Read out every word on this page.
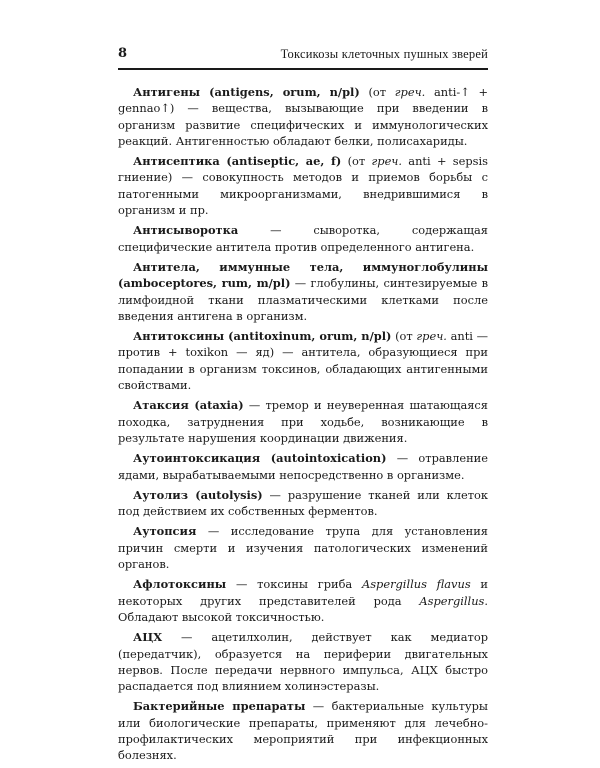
8	Токсикозы клеточных пушных зверей

Антигены (antigens, orum, n/pl) (от греч. anti-↑ + gennao↑) — вещества, вызывающие при введении в организм развитие специфических и иммунологических реакций. Антигенностью обладают белки, полисахариды.

Антисептика (antiseptic, ae, f) (от греч. anti + sepsis гниение) — совокупность методов и приемов борьбы с патогенными микроорганизмами, внедрившимися в организм и пр.

Антисыворотка — сыворотка, содержащая специфические антитела против определенного антигена.

Антитела, иммунные тела, иммуноглобулины (amboceptores, rum, m/pl) — глобулины, синтезируемые в лимфоидной ткани плазматическими клетками после введения антигена в организм.

Антитоксины (antitoxinum, orum, n/pl) (от греч. anti — против + toxikon — яд) — антитела, образующиеся при попадании в организм токсинов, обладающих антигенными свойствами.

Атаксия (ataxia) — тремор и неуверенная шатающаяся походка, затруднения при ходьбе, возникающие в результате нарушения координации движения.

Аутоинтоксикация (autointoxication) — отравление ядами, вырабатываемыми непосредственно в организме.

Аутолиз (autolysis) — разрушение тканей или клеток под действием их собственных ферментов.

Аутопсия — исследование трупа для установления причин смерти и изучения патологических изменений органов.

Афлотоксины — токсины гриба Aspergillus flavus и некоторых других представителей рода Aspergillus. Обладают высокой токсичностью.

АЦХ — ацетилхолин, действует как медиатор (передатчик), образуется на периферии двигательных нервов. После передачи нервного импульса, АЦХ быстро распадается под влиянием холинэстеразы.

Бактерийные препараты — бактериальные культуры или биологические препараты, применяют для лечебно-профилактических мероприятий при инфекционных болезнях.
